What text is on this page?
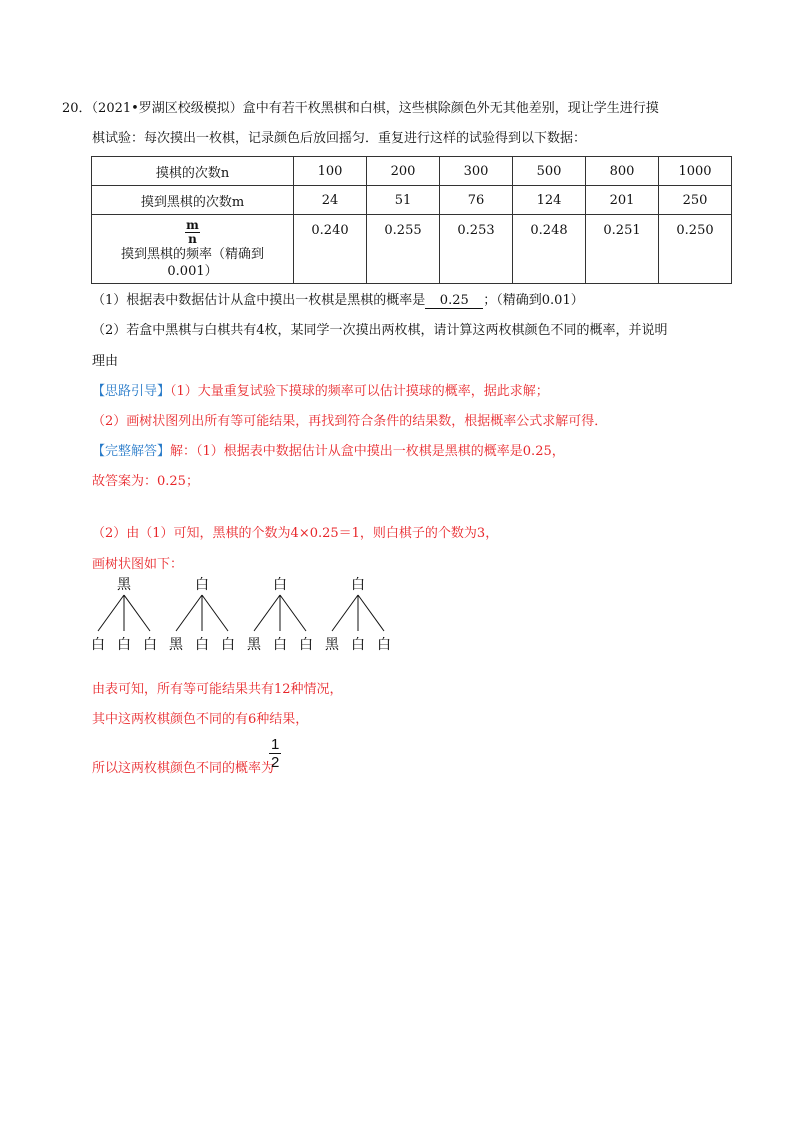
20．（2021•罗湖区校级模拟）盒中有若干枚黑棋和白棋，这些棋除颜色外无其他差别，现让学生进行摸
棋试验：每次摸出一枚棋，记录颜色后放回摇匀．重复进行这样的试验得到以下数据：
摸棋的次数n	100	200	300	500	800	1000
摸到黑棋的次数m	24	51	76	124	201	250

$\frac{m}{n}$

摸到黑棋的频率（精确到
0.001）	0.240	0.255	0.253	0.248	0.251	0.250
（1）根据表中数据估计从盒中摸出一枚棋是黑棋的概率是 0.25 ；（精确到0.01）
（2）若盒中黑棋与白棋共有4枚，某同学一次摸出两枚棋，请计算这两枚棋颜色不同的概率，并说明
理由
【思路引导】（1）大量重复试验下摸球的频率可以估计摸球的概率，据此求解；
（2）画树状图列出所有等可能结果，再找到符合条件的结果数，根据概率公式求解可得．
【完整解答】解：（1）根据表中数据估计从盒中摸出一枚棋是黑棋的概率是0.25，
故答案为：0.25；
（2）由（1）可知，黑棋的个数为4×0.25＝1，则白棋子的个数为3，
画树状图如下：
黑
白 白 白
白
黑 白 白
白
黑 白 白
白
黑 白 白
由表可知，所有等可能结果共有12种情况，
其中这两枚棋颜色不同的有6种结果，
所以这两枚棋颜色不同的概率为
$\frac{1}{2}$
